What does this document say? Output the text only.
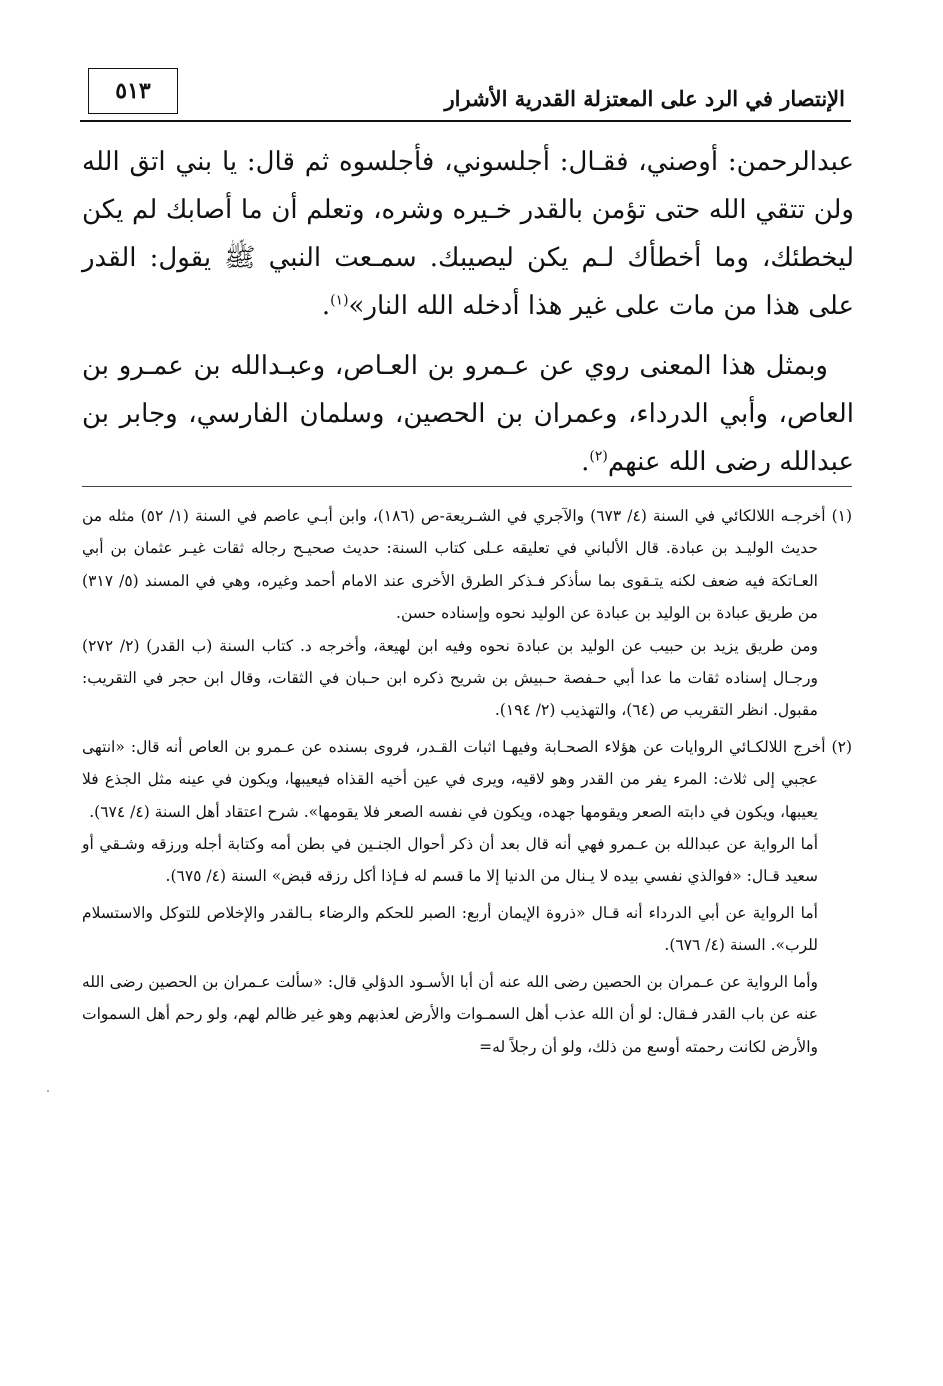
الإنتصار في الرد على المعتزلة القدرية الأشرار
٥١٣

عبدالرحمن: أوصني، فقـال: أجلسوني، فأجلسوه ثم قال: يا بني اتق الله ولن تتقي الله حتى تؤمن بالقدر خـيره وشره، وتعلم أن ما أصابك لم يكن ليخطئك، وما أخطأك لـم يكن ليصيبك. سمـعت النبي ﷺ يقول: القدر على هذا من مات على غير هذا أدخله الله النار»$^{(١)}$.

وبمثل هذا المعنى روي عن عـمرو بن العـاص، وعبـدالله بن عمـرو بن العاص، وأبي الدرداء، وعمران بن الحصين، وسلمان الفارسي، وجابر بن عبدالله رضى الله عنهم$^{(٢)}$.

(١) أخرجـه اللالكائي في السنة (٤/ ٦٧٣) والآجري في الشـريعة-ص (١٨٦)، وابن أبـي عاصم في السنة (١/ ٥٢) مثله من حديث الوليـد بن عبادة. قال الألباني في تعليقه عـلى كتاب السنة: حديث صحيـح رجاله ثقات غيـر عثمان بن أبي العـاتكة فيه ضعف لكنه يتـقوى بما سأذكر فـذكر الطرق الأخرى عند الامام أحمد وغيره، وهي في المسند (٥/ ٣١٧) من طريق عبادة بن الوليد بن عبادة عن الوليد نحوه وإسناده حسن.

ومن طريق يزيد بن حبيب عن الوليد بن عبادة نحوه وفيه ابن لهيعة، وأخرجه د. كتاب السنة (ب القدر) (٢/ ٢٧٢) ورجـال إسناده ثقات ما عدا أبي حـفصة حـبيش بن شريح ذكره ابن حـبان في الثقات، وقال ابن حجر في التقريب: مقبول. انظر التقريب ص (٦٤)، والتهذيب (٢/ ١٩٤).

(٢) أخرج اللالكـائي الروايات عن هؤلاء الصحـابة وفيهـا اثبات القـدر، فروى بسنده عن عـمرو بن العاص أنه قال: «انتهى عجبي إلى ثلاث: المرء يفر من القدر وهو لاقيه، ويرى في عين أخيه القذاه فيعيبها، ويكون في عينه مثل الجذع فلا يعيبها، ويكون في دابته الصعر ويقومها جهده، ويكون في نفسه الصعر فلا يقومها». شرح اعتقاد أهل السنة (٤/ ٦٧٤).

أما الرواية عن عبدالله بن عـمرو فهي أنه قال بعد أن ذكر أحوال الجنـين في بطن أمه وكتابة أجله ورزقه وشـقي أو سعيد قـال: «فوالذي نفسي بيده لا يـنال من الدنيا إلا ما قسم له فـإذا أكل رزقه قبض» السنة (٤/ ٦٧٥).

أما الرواية عن أبي الدرداء أنه قـال «ذروة الإيمان أربع: الصبر للحكم والرضاء بـالقدر والإخلاص للتوكل والاستسلام للرب». السنة (٤/ ٦٧٦).

وأما الرواية عن عـمران بن الحصين رضى الله عنه أن أبا الأسـود الدؤلي قال: «سألت عـمران بن الحصين رضى الله عنه عن باب القدر فـقال: لو أن الله عذب أهل السمـوات والأرض لعذبهم وهو غير ظالم لهم، ولو رحم أهل السموات والأرض لكانت رحمته أوسع من ذلك، ولو أن رجلاً له=
